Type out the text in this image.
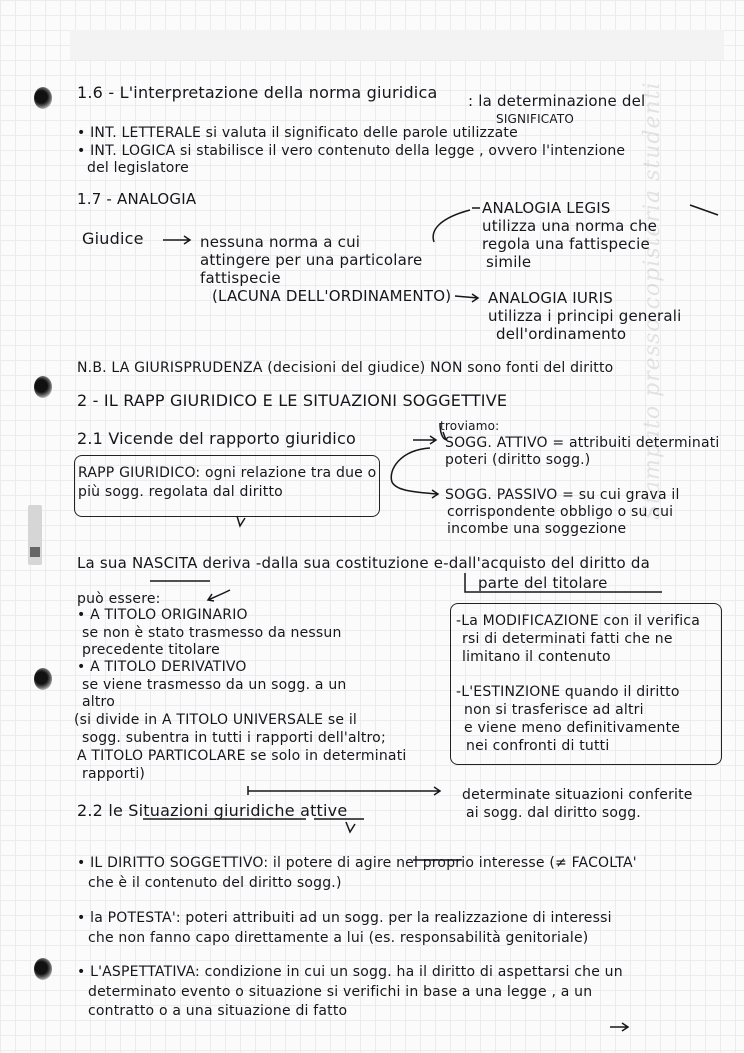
Stampato presso copisteria studenti
1.6 - L'interpretazione della norma giuridica : la determinazione del
SIGNIFICATO
• INT. LETTERALE si valuta il significato delle parole utilizzate
• INT. LOGICA si stabilisce il vero contenuto della legge , ovvero l'intenzione
del legislatore
1.7 - ANALOGIA
Giudice	nessuna norma a cui
attingere per una particolare
fattispecie
(LACUNA DELL'ORDINAMENTO)
ANALOGIA LEGIS
utilizza una norma che
regola una fattispecie
simile
ANALOGIA IURIS
utilizza i principi generali
dell'ordinamento
N.B. LA GIURISPRUDENZA (decisioni del giudice) NON sono fonti del diritto
2 - IL RAPP GIURIDICO E LE SITUAZIONI SOGGETTIVE
2.1 Vicende del rapporto giuridico
troviamo:
RAPP GIURIDICO: ogni relazione tra due o
più sogg. regolata dal diritto
SOGG. ATTIVO = attribuiti determinati
poteri (diritto sogg.)
SOGG. PASSIVO = su cui grava il
corrispondente obbligo o su cui
incombe una soggezione
La sua NASCITA deriva -dalla sua costituzione e-dall'acquisto del diritto da
parte del titolare
può essere:
• A TITOLO ORIGINARIO
se non è stato trasmesso da nessun
precedente titolare
• A TITOLO DERIVATIVO
se viene trasmesso da un sogg. a un
altro
(si divide in A TITOLO UNIVERSALE se il
sogg. subentra in tutti i rapporti dell'altro;
A TITOLO PARTICOLARE se solo in determinati
rapporti)
-La MODIFICAZIONE con il verifica
rsi di determinati fatti che ne
limitano il contenuto
-L'ESTINZIONE quando il diritto
non si trasferisce ad altri
e viene meno definitivamente
nei confronti di tutti
2.2 le Situazioni giuridiche attive
determinate situazioni conferite
ai sogg. dal diritto sogg.
• IL DIRITTO SOGGETTIVO: il potere di agire nel proprio interesse (≠ FACOLTA'
che è il contenuto del diritto sogg.)
• la POTESTA': poteri attribuiti ad un sogg. per la realizzazione di interessi
che non fanno capo direttamente a lui (es. responsabilità genitoriale)
• L'ASPETTATIVA: condizione in cui un sogg. ha il diritto di aspettarsi che un
determinato evento o situazione si verifichi in base a una legge , a un
contratto o a una situazione di fatto
